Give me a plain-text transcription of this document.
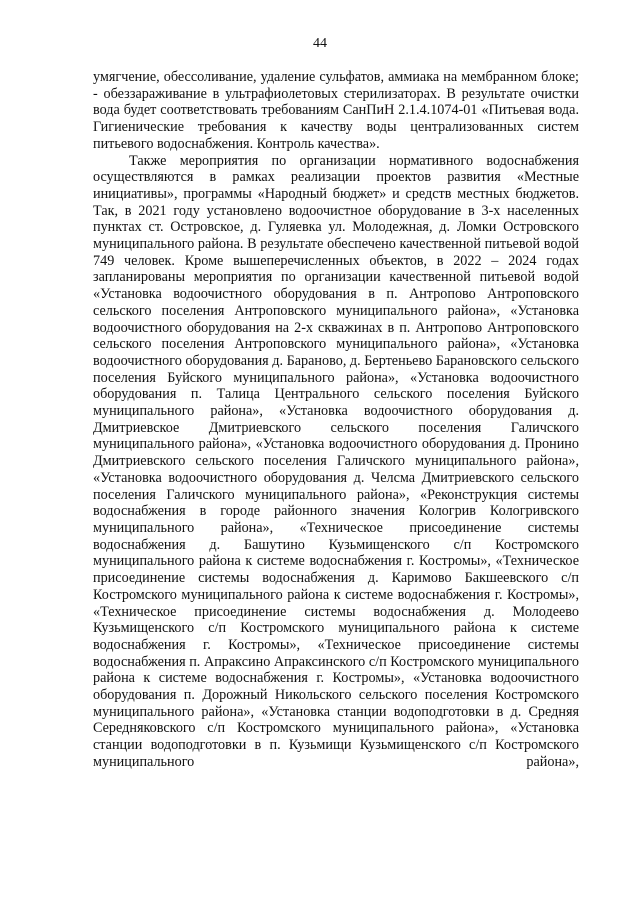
44

умягчение, обессоливание, удаление сульфатов, аммиака на мембранном блоке; - обеззараживание в ультрафиолетовых стерилизаторах. В результате очистки вода будет соответствовать требованиям СанПиН 2.1.4.1074-01 «Питьевая вода. Гигиенические требования к качеству воды централизованных систем питьевого водоснабжения. Контроль качества».

Также мероприятия по организации нормативного водоснабжения осуществляются в рамках реализации проектов развития «Местные инициативы», программы «Народный бюджет» и средств местных бюджетов. Так, в 2021 году установлено водоочистное оборудование в 3-х населенных пунктах ст. Островское, д. Гуляевка ул. Молодежная, д. Ломки Островского муниципального района. В результате обеспечено качественной питьевой водой 749 человек. Кроме вышеперечисленных объектов, в 2022 – 2024 годах запланированы мероприятия по организации качественной питьевой водой «Установка водоочистного оборудования в п. Антропово Антроповского сельского поселения Антроповского муниципального района», «Установка водоочистного оборудования на 2-х скважинах в п. Антропово Антроповского сельского поселения Антроповского муниципального района», «Установка водоочистного оборудования д. Бараново, д. Бертеньево Барановского сельского поселения Буйского муниципального района», «Установка водоочистного оборудования п. Талица Центрального сельского поселения Буйского муниципального района», «Установка водоочистного оборудования д. Дмитриевское Дмитриевского сельского поселения Галичского муниципального района», «Установка водоочистного оборудования д. Пронино Дмитриевского сельского поселения Галичского муниципального района», «Установка водоочистного оборудования д. Челсма Дмитриевского сельского поселения Галичского муниципального района», «Реконструкция системы водоснабжения в городе районного значения Кологрив Кологривского муниципального района», «Техническое присоединение системы водоснабжения д. Башутино Кузьмищенского с/п Костромского муниципального района к системе водоснабжения г. Костромы», «Техническое присоединение системы водоснабжения д. Каримово Бакшеевского с/п Костромского муниципального района к системе водоснабжения г. Костромы», «Техническое присоединение системы водоснабжения д. Молодеево Кузьмищенского с/п Костромского муниципального района к системе водоснабжения г. Костромы», «Техническое присоединение системы водоснабжения п. Апраксино Апраксинского с/п Костромского муниципального района к системе водоснабжения г. Костромы», «Установка водоочистного оборудования п. Дорожный Никольского сельского поселения Костромского муниципального района», «Установка станции водоподготовки в д. Средняя Середняковского с/п Костромского муниципального района», «Установка станции водоподготовки в п. Кузьмищи Кузьмищенского с/п Костромского муниципального района»,
